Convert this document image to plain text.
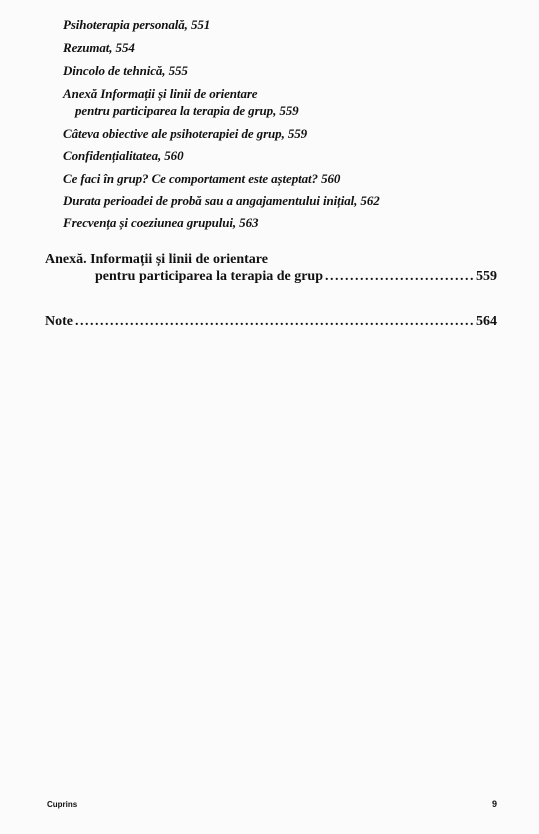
Psihoterapia personală, 551
Rezumat, 554
Dincolo de tehnică, 555
Anexă Informații și linii de orientare
pentru participarea la terapia de grup, 559
Câteva obiective ale psihoterapiei de grup, 559
Confidențialitatea, 560
Ce faci în grup? Ce comportament este așteptat? 560
Durata perioadei de probă sau a angajamentului inițial, 562
Frecvența și coeziunea grupului, 563
Anexă. Informații și linii de orientare
pentru participarea la terapia de grup . . .	559
Note . . .	564
Cuprins	9
